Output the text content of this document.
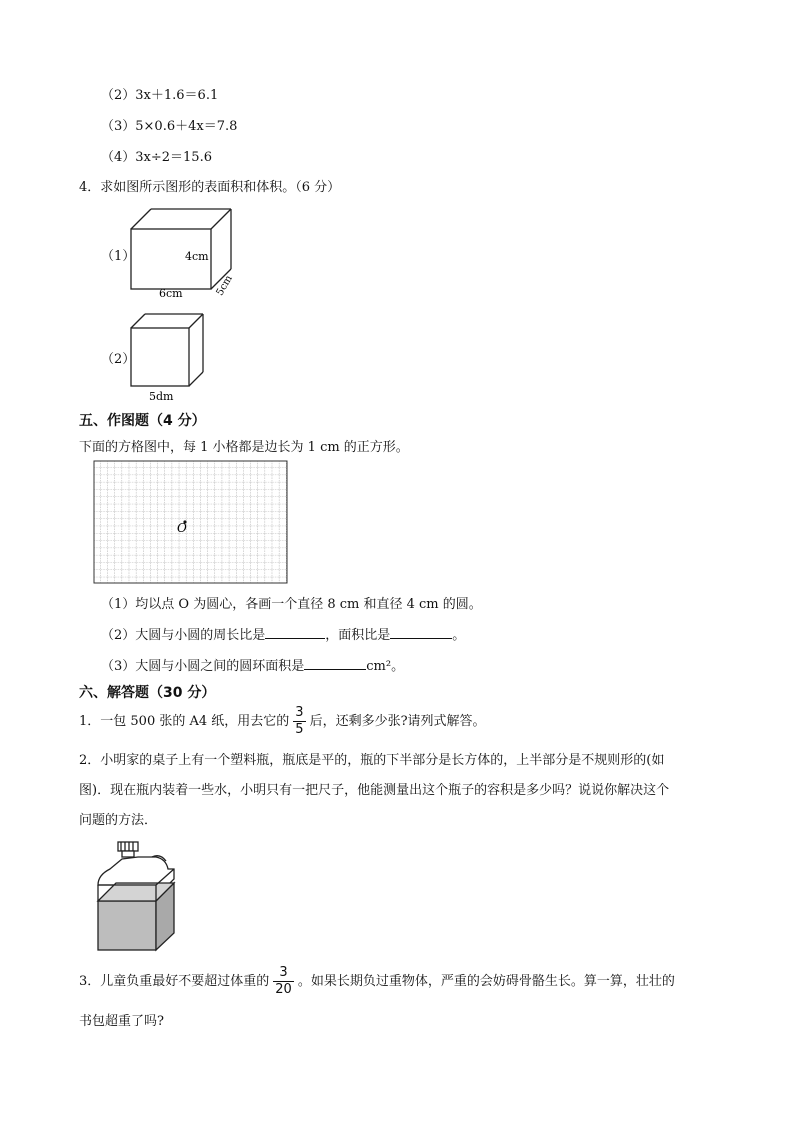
（2）3x＋1.6＝6.1
（3）5×0.6＋4x＝7.8
（4）3x÷2＝15.6
4．求如图所示图形的表面积和体积。（6 分）
（1）	4cm
6cm	5cm
（2）
5dm
五、作图题（4 分）
下面的方格图中，每 1 小格都是边长为 1 cm 的正方形。
O
（1）均以点 O 为圆心，各画一个直径 8 cm 和直径 4 cm 的圆。
（2）大圆与小圆的周长比是	，面积比是	。
（3）大圆与小圆之间的圆环面积是	cm²。
六、解答题（30 分）
1．一包 500 张的 A4 纸，用去它的 $\frac{3}{5}$ 后，还剩多少张?请列式解答。
2．小明家的桌子上有一个塑料瓶，瓶底是平的，瓶的下半部分是长方体的，上半部分是不规则形的(如
图)．现在瓶内装着一些水，小明只有一把尺子，他能测量出这个瓶子的容积是多少吗？说说你解决这个
问题的方法．
3．儿童负重最好不要超过体重的 $\frac{3}{20}$ 。如果长期负过重物体，严重的会妨碍骨骼生长。算一算，壮壮的
书包超重了吗?
